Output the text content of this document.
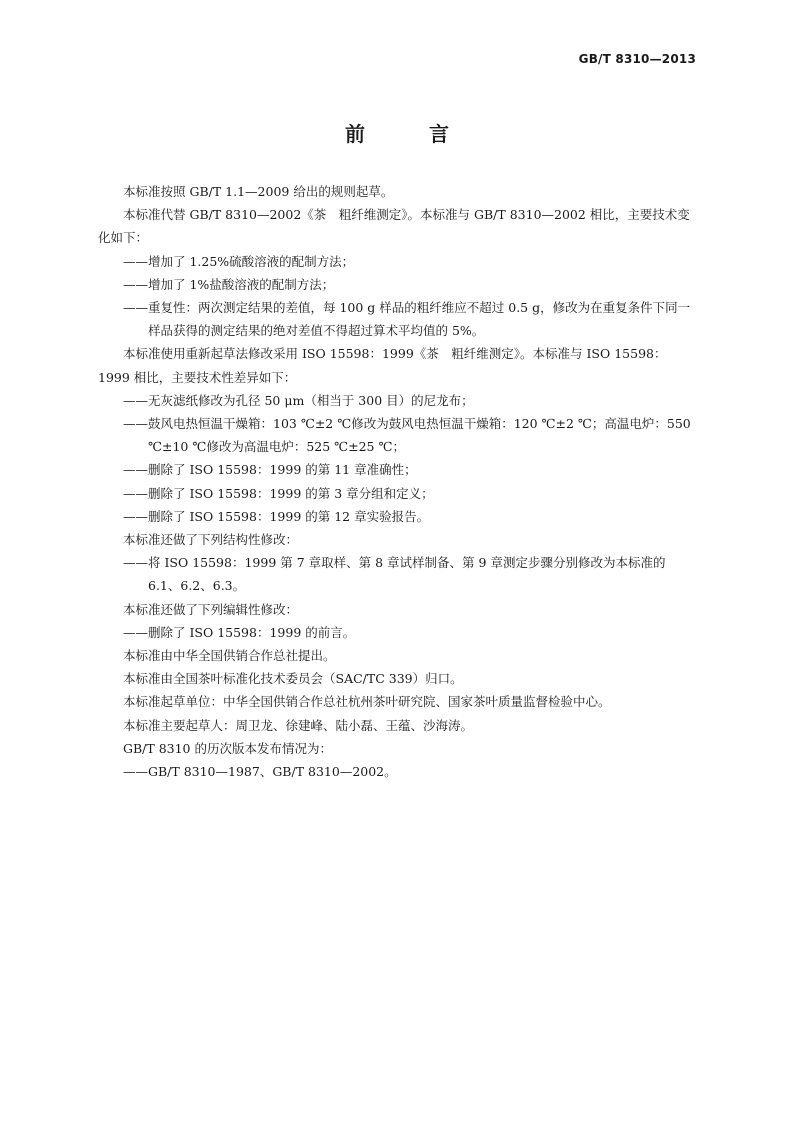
GB/T 8310—2013
前　言

本标准按照 GB/T 1.1—2009 给出的规则起草。

本标准代替 GB/T 8310—2002《茶　粗纤维测定》。本标准与 GB/T 8310—2002 相比，主要技术变化如下：

——增加了 1.25%硫酸溶液的配制方法；

——增加了 1%盐酸溶液的配制方法；

——重复性：两次测定结果的差值，每 100 g 样品的粗纤维应不超过 0.5 g，修改为在重复条件下同一样品获得的测定结果的绝对差值不得超过算术平均值的 5%。

本标准使用重新起草法修改采用 ISO 15598：1999《茶　粗纤维测定》。本标准与 ISO 15598：1999 相比，主要技术性差异如下：

——无灰滤纸修改为孔径 50 μm（相当于 300 目）的尼龙布；

——鼓风电热恒温干燥箱：103 ℃±2 ℃修改为鼓风电热恒温干燥箱：120 ℃±2 ℃；高温电炉：550 ℃±10 ℃修改为高温电炉：525 ℃±25 ℃；

——删除了 ISO 15598：1999 的第 11 章准确性；

——删除了 ISO 15598：1999 的第 3 章分组和定义；

——删除了 ISO 15598：1999 的第 12 章实验报告。

本标准还做了下列结构性修改：

——将 ISO 15598：1999 第 7 章取样、第 8 章试样制备、第 9 章测定步骤分别修改为本标准的 6.1、6.2、6.3。

本标准还做了下列编辑性修改：

——删除了 ISO 15598：1999 的前言。

本标准由中华全国供销合作总社提出。

本标准由全国茶叶标准化技术委员会（SAC/TC 339）归口。

本标准起草单位：中华全国供销合作总社杭州茶叶研究院、国家茶叶质量监督检验中心。

本标准主要起草人：周卫龙、徐建峰、陆小磊、王蕴、沙海涛。

GB/T 8310 的历次版本发布情况为：

——GB/T 8310—1987、GB/T 8310—2002。
